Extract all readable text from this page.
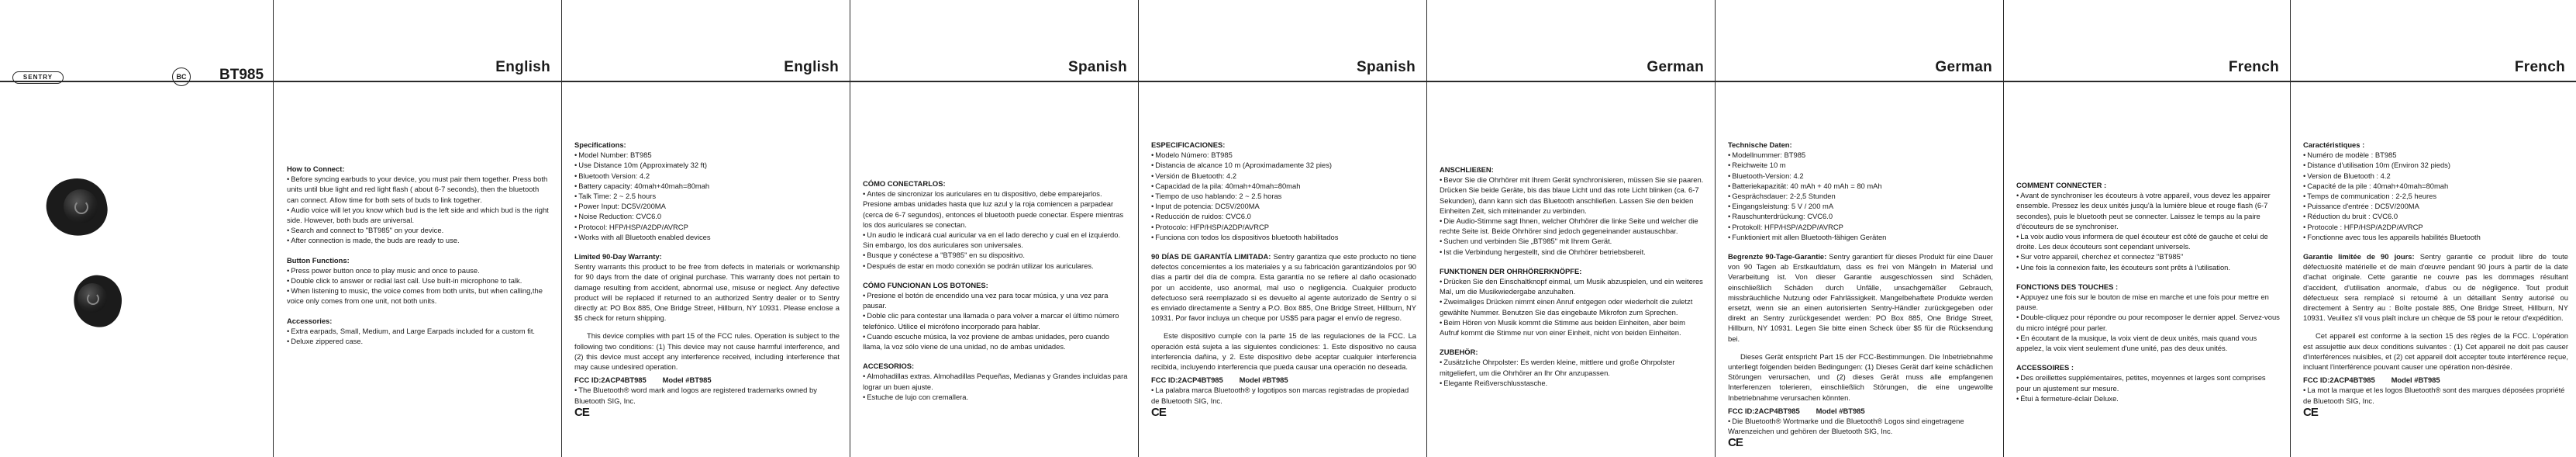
SENTRY	BC BT985	English
How to Connect:
• Before syncing earbuds to your device, you must pair them together. Press both units until blue light and red light flash ( about 6-7 seconds), then the bluetooth can connect. Allow time for both sets of buds to link together.
• Audio voice will let you know which bud is the left side and which bud is the right side. However, both buds are universal.
• Search and connect to "BT985" on your device.
• After connection is made, the buds are ready to use.
Button Functions:
• Press power button once to play music and once to pause.
• Double click to answer or redial last call. Use built-in microphone to talk.
• When listening to music, the voice comes from both units, but when calling,the voice only comes from one unit, not both units.
Accessories:
• Extra earpads, Small, Medium, and Large Earpads included for a custom fit.
• Deluxe zippered case.
English
Specifications:
• Model Number: BT985
• Use Distance 10m (Approximately 32 ft)
• Bluetooth Version: 4.2
• Battery capacity: 40mah+40mah=80mah
• Talk Time: 2 ~ 2.5 hours
• Power Input: DC5V/200MA
• Noise Reduction: CVC6.0
• Protocol: HFP/HSP/A2DP/AVRCP
• Works with all Bluetooth enabled devices
Limited 90-Day Warranty:
Sentry warrants this product to be free from defects in materials or workmanship for 90 days from the date of original purchase. This warranty does not pertain to damage resulting from accident, abnormal use, misuse or neglect. Any defective product will be replaced if returned to an authorized Sentry dealer or to Sentry directly at: PO Box 885, One Bridge Street, Hillburn, NY 10931. Please enclose a $5 check for return shipping.
This device complies with part 15 of the FCC rules. Operation is subject to the following two conditions: (1) This device may not cause harmful interference, and (2) this device must accept any interference received, including interference that may cause undesired operation.
FCC ID:2ACP4BT985        Model #BT985
• The Bluetooth® word mark and logos are registered trademarks owned by Bluetooth SIG, Inc.
CE
Spanish
CÓMO CONECTARLOS:
• Antes de sincronizar los auriculares en tu dispositivo, debe emparejarlos. Presione ambas unidades hasta que luz azul y la roja comiencen a parpadear (cerca de 6-7 segundos), entonces el bluetooth puede conectar. Espere mientras los dos auriculares se conectan.
• Un audio le indicará cual auricular va en el lado derecho y cual en el izquierdo. Sin embargo, los dos auriculares son universales.
• Busque y conéctese a "BT985" en su dispositivo.
• Después de estar en modo conexión se podrán utilizar los auriculares.
CÓMO FUNCIONAN LOS BOTONES:
• Presione el botón de encendido una vez para tocar música, y una vez para pausar.
• Doble clic para contestar una llamada o para volver a marcar el último número telefónico. Utilice el micrófono incorporado para hablar.
• Cuando escuche música, la voz proviene de ambas unidades, pero cuando llama, la voz sólo viene de una unidad, no de ambas unidades.
ACCESORIOS:
• Almohadillas extras. Almohadillas Pequeñas, Medianas y Grandes incluidas para lograr un buen ajuste.
• Estuche de lujo con cremallera.
Spanish
ESPECIFICACIONES:
• Modelo Número: BT985
• Distancia de alcance 10 m (Aproximadamente 32 pies)
• Versión de Bluetooth: 4.2
• Capacidad de la pila: 40mah+40mah=80mah
• Tiempo de uso hablando: 2 ~ 2.5 horas
• Input de potencia: DC5V/200MA
• Reducción de ruidos: CVC6.0
• Protocolo: HFP/HSP/A2DP/AVRCP
• Funciona con todos los dispositivos bluetooth habilitados
90 DÍAS DE GARANTÍA LIMITADA: Sentry garantiza que este producto no tiene defectos concernientes a los materiales y a su fabricación garantizándolos por 90 días a partir del día de compra. Esta garantía no se refiere al daño ocasionado por un accidente, uso anormal, mal uso o negligencia. Cualquier producto defectuoso será reemplazado si es devuelto al agente autorizado de Sentry o si es enviado directamente a Sentry a P.O. Box 885, One Bridge Street, Hillburn, NY 10931. Por favor incluya un cheque por US$5 para pagar el envío de regreso.
Este dispositivo cumple con la parte 15 de las regulaciones de la FCC. La operación está sujeta a las siguientes condiciones: 1. Este dispositivo no causa interferencia dañina, y 2. Este dispositivo debe aceptar cualquier interferencia recibida, incluyendo interferencia que pueda causar una operación no deseada.
FCC ID:2ACP4BT985        Model #BT985
• La palabra marca Bluetooth® y logotipos son marcas registradas de propiedad de Bluetooth SIG, Inc.
CE
German
ANSCHLIEßEN:
• Bevor Sie die Ohrhörer mit Ihrem Gerät synchronisieren, müssen Sie sie paaren. Drücken Sie beide Geräte, bis das blaue Licht und das rote Licht blinken (ca. 6-7 Sekunden), dann kann sich das Bluetooth anschließen. Lassen Sie den beiden Einheiten Zeit, sich miteinander zu verbinden.
• Die Audio-Stimme sagt Ihnen, welcher Ohrhörer die linke Seite und welcher die rechte Seite ist. Beide Ohrhörer sind jedoch gegeneinander austauschbar.
• Suchen und verbinden Sie „BT985" mit Ihrem Gerät.
• Ist die Verbindung hergestellt, sind die Ohrhörer betriebsbereit.
FUNKTIONEN DER OHRHÖRERKNÖPFE:
• Drücken Sie den Einschaltknopf einmal, um Musik abzuspielen, und ein weiteres Mal, um die Musikwiedergabe anzuhalten.
• Zweimaliges Drücken nimmt einen Anruf entgegen oder wiederholt die zuletzt gewählte Nummer. Benutzen Sie das eingebaute Mikrofon zum Sprechen.
• Beim Hören von Musik kommt die Stimme aus beiden Einheiten, aber beim Aufruf kommt die Stimme nur von einer Einheit, nicht von beiden Einheiten.
ZUBEHÖR:
• Zusätzliche Ohrpolster: Es werden kleine, mittlere und große Ohrpolster mitgeliefert, um die Ohrhörer an Ihr Ohr anzupassen.
• Elegante Reißverschlusstasche.
German
Technische Daten:
• Modellnummer: BT985
• Reichweite 10 m
• Bluetooth-Version: 4.2
• Batteriekapazität: 40 mAh + 40 mAh = 80 mAh
• Gesprächsdauer: 2-2,5 Stunden
• Eingangsleistung: 5 V / 200 mA
• Rauschunterdrückung: CVC6.0
• Protokoll: HFP/HSP/A2DP/AVRCP
• Funktioniert mit allen Bluetooth-fähigen Geräten
Begrenzte 90-Tage-Garantie: Sentry garantiert für dieses Produkt für eine Dauer von 90 Tagen ab Erstkaufdatum, dass es frei von Mängeln in Material und Verarbeitung ist. Von dieser Garantie ausgeschlossen sind Schäden, einschließlich Schäden durch Unfälle, unsachgemäßer Gebrauch, missbräuchliche Nutzung oder Fahrlässigkeit. Mangelbehaftete Produkte werden ersetzt, wenn sie an einen autorisierten Sentry-Händler zurückgegeben oder direkt an Sentry zurückgesendet werden: PO Box 885, One Bridge Street, Hillburn, NY 10931. Legen Sie bitte einen Scheck über $5 für die Rücksendung bei.
Dieses Gerät entspricht Part 15 der FCC-Bestimmungen. Die Inbetriebnahme unterliegt folgenden beiden Bedingungen: (1) Dieses Gerät darf keine schädlichen Störungen verursachen, und (2) dieses Gerät muss alle empfangenen Interferenzen tolerieren, einschließlich Störungen, die eine ungewollte Inbetriebnahme verursachen könnten.
FCC ID:2ACP4BT985        Model #BT985
• Die Bluetooth® Wortmarke und die Bluetooth® Logos sind eingetragene Warenzeichen und gehören der Bluetooth SIG, Inc.
CE
French
COMMENT CONNECTER :
• Avant de synchroniser les écouteurs à votre appareil, vous devez les appairer ensemble. Pressez les deux unités jusqu'à la lumière bleue et rouge flash (6-7 secondes), puis le bluetooth peut se connecter. Laissez le temps au la paire d'écouteurs de se synchroniser.
• La voix audio vous informera de quel écouteur est côté de gauche et celui de droite. Les deux écouteurs sont cependant universels.
• Sur votre appareil, cherchez et connectez "BT985"
• Une fois la connexion faite, les écouteurs sont prêts à l'utilisation.
FONCTIONS DES TOUCHES :
• Appuyez une fois sur le bouton de mise en marche et une fois pour mettre en pause.
• Double-cliquez pour répondre ou pour recomposer le dernier appel. Servez-vous du micro intégré pour parler.
• En écoutant de la musique, la voix vient de deux unités, mais quand vous appelez, la voix vient seulement d'une unité, pas des deux unités.
ACCESSOIRES :
• Des oreillettes supplémentaires, petites, moyennes et larges sont comprises pour un ajustement sur mesure.
• Étui à fermeture-éclair Deluxe.
French
Caractéristiques :
• Numéro de modèle : BT985
• Distance d'utilisation 10m (Environ 32 pieds)
• Version de Bluetooth : 4.2
• Capacité de la pile : 40mah+40mah=80mah
• Temps de communication : 2-2,5 heures
• Puissance d'entrée : DC5V/200MA
• Réduction du bruit : CVC6.0
• Protocole : HFP/HSP/A2DP/AVRCP
• Fonctionne avec tous les appareils habilités Bluetooth
Garantie limitée de 90 jours: Sentry garantie ce produit libre de toute défectuosité matérielle et de main d'œuvre pendant 90 jours à partir de la date d'achat originale. Cette garantie ne couvre pas les dommages résultant d'accident, d'utilisation anormale, d'abus ou de négligence. Tout produit défectueux sera remplacé si retourné à un détaillant Sentry autorisé ou directement à Sentry au : Boîte postale 885, One Bridge Street, Hillburn, NY 10931. Veuillez s'il vous plaît inclure un chèque de 5$ pour le retour d'expédition.
Cet appareil est conforme à la section 15 des règles de la FCC. L'opération est assujettie aux deux conditions suivantes : (1) Cet appareil ne doit pas causer d'interférences nuisibles, et (2) cet appareil doit accepter toute interférence reçue, incluant l'interférence pouvant causer une opération non-désirée.
FCC ID:2ACP4BT985        Model #BT985
• La mot la marque et les logos Bluetooth® sont des marques déposées propriété de Bluetooth SIG, Inc.
CE
